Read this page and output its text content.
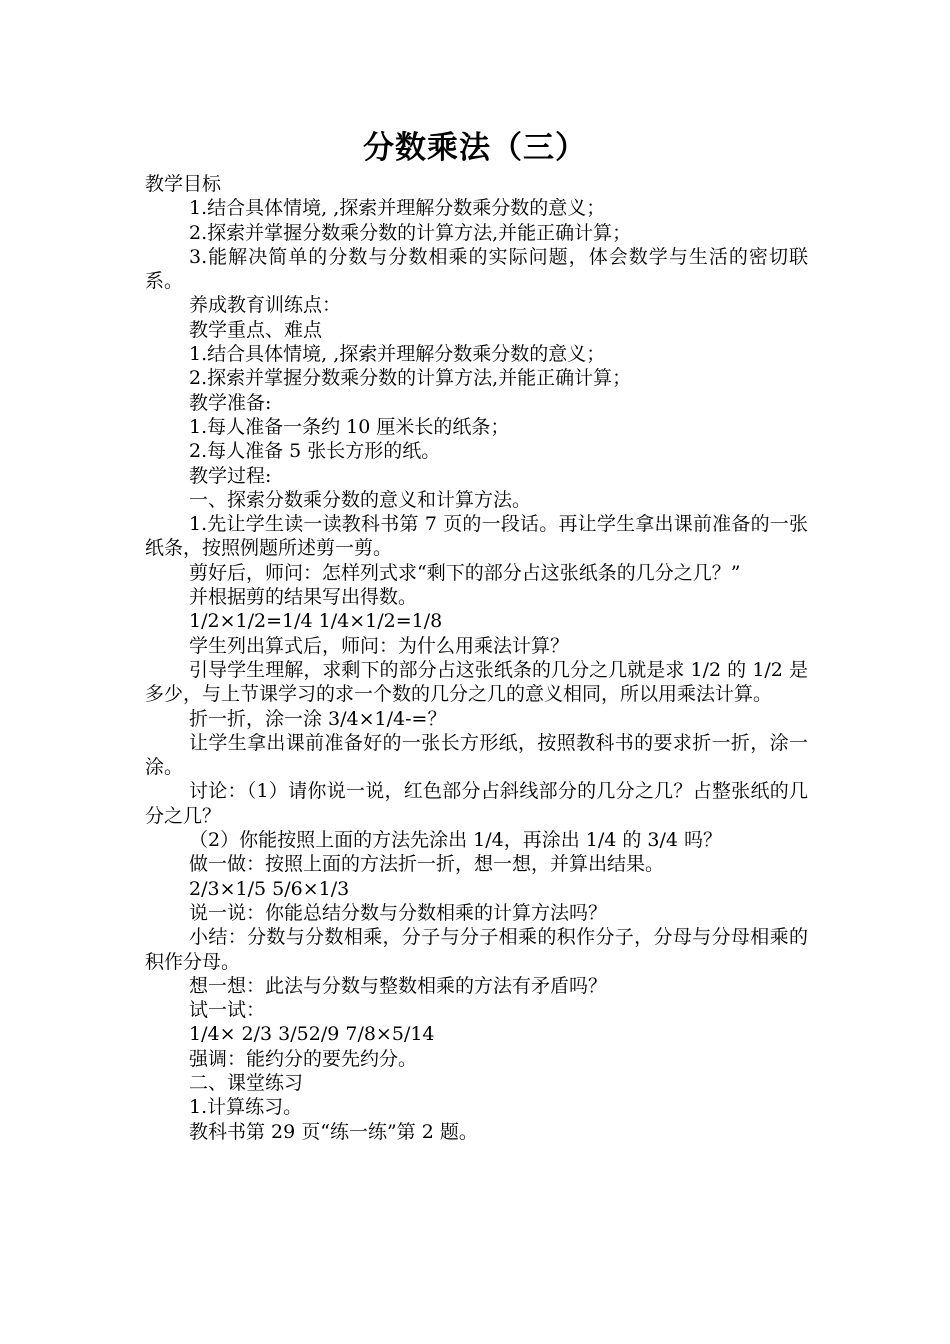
分数乘法（三）

教学目标

1.结合具体情境, ,探索并理解分数乘分数的意义；

2.探索并掌握分数乘分数的计算方法,并能正确计算；

3.能解决简单的分数与分数相乘的实际问题，体会数学与生活的密切联系。

养成教育训练点：

教学重点、难点

1.结合具体情境, ,探索并理解分数乘分数的意义；

2.探索并掌握分数乘分数的计算方法,并能正确计算；

教学准备:

1.每人准备一条约 10 厘米长的纸条；

2.每人准备 5 张长方形的纸。

教学过程:

一、探索分数乘分数的意义和计算方法。

1.先让学生读一读教科书第 7 页的一段话。再让学生拿出课前准备的一张纸条，按照例题所述剪一剪。

剪好后，师问：怎样列式求“剩下的部分占这张纸条的几分之几？”

并根据剪的结果写出得数。

1/2×1/2=1/4 1/4×1/2=1/8

学生列出算式后，师问：为什么用乘法计算？

引导学生理解，求剩下的部分占这张纸条的几分之几就是求 1/2 的 1/2 是多少，与上节课学习的求一个数的几分之几的意义相同，所以用乘法计算。

折一折，涂一涂 3/4×1/4-=？

让学生拿出课前准备好的一张长方形纸，按照教科书的要求折一折，涂一涂。

讨论：（1）请你说一说，红色部分占斜线部分的几分之几？占整张纸的几分之几？

（2）你能按照上面的方法先涂出 1/4，再涂出 1/4 的 3/4 吗？

做一做：按照上面的方法折一折，想一想，并算出结果。

2/3×1/5 5/6×1/3

说一说：你能总结分数与分数相乘的计算方法吗？

小结：分数与分数相乘，分子与分子相乘的积作分子，分母与分母相乘的积作分母。

想一想：此法与分数与整数相乘的方法有矛盾吗？

试一试：

1/4× 2/3 3/52/9 7/8×5/14

强调：能约分的要先约分。

二、课堂练习

1.计算练习。

教科书第 29 页“练一练”第 2 题。
